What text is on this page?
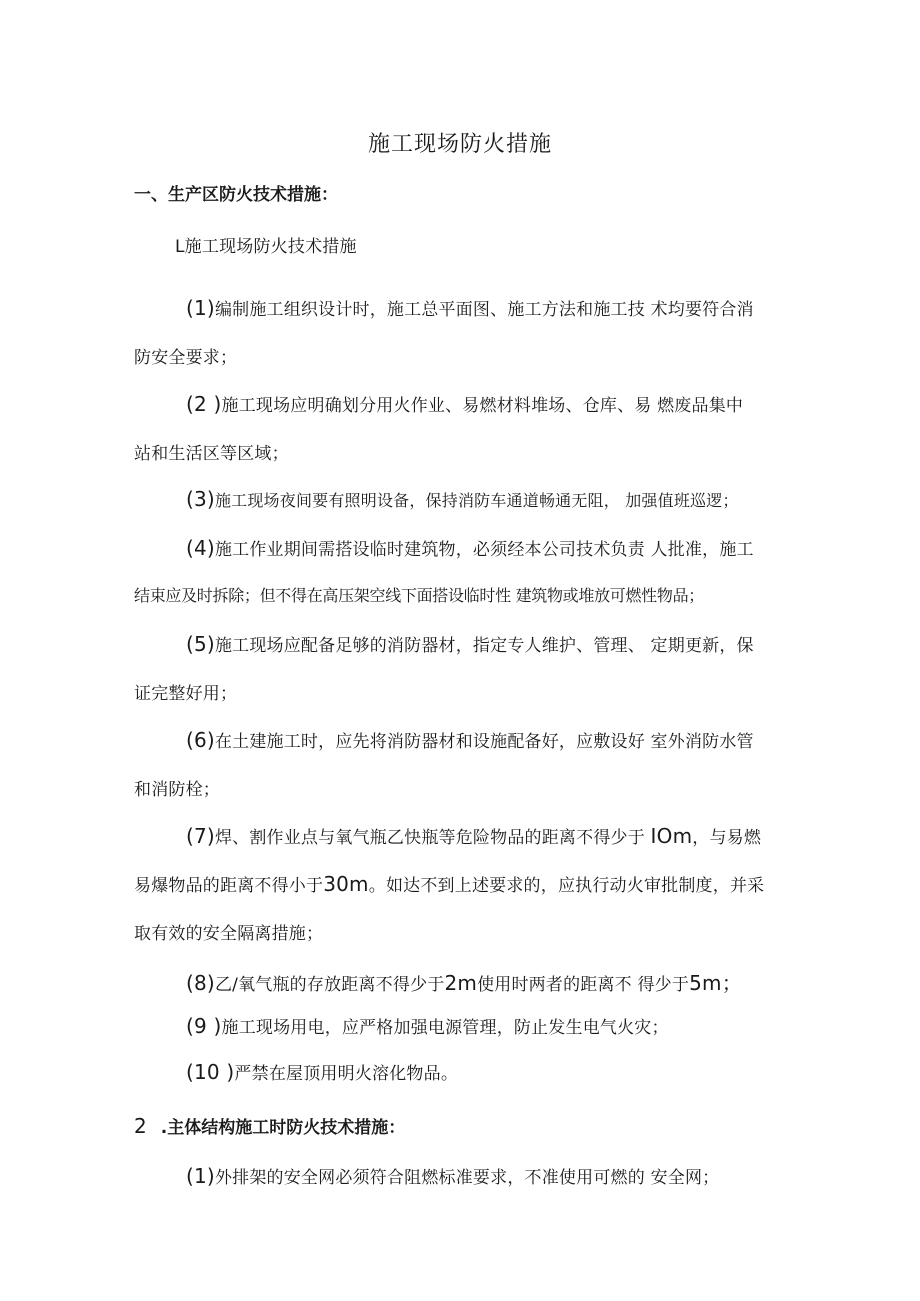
施工现场防火措施
一、生产区防火技术措施：
L施工现场防火技术措施
(1)编制施工组织设计时，施工总平面图、施工方法和施工技 术均要符合消
防安全要求；
(2 )施工现场应明确划分用火作业、易燃材料堆场、仓库、易 燃废品集中
站和生活区等区域；
(3)施工现场夜间要有照明设备，保持消防车通道畅通无阻， 加强值班巡逻；
(4)施工作业期间需搭设临时建筑物，必须经本公司技术负责 人批准，施工
结束应及时拆除；但不得在高压架空线下面搭设临时性 建筑物或堆放可燃性物品；
(5)施工现场应配备足够的消防器材，指定专人维护、管理、 定期更新，保
证完整好用；
(6)在土建施工时，应先将消防器材和设施配备好，应敷设好 室外消防水管
和消防栓；
(7)焊、割作业点与氧气瓶乙快瓶等危险物品的距离不得少于 IOm，与易燃
易爆物品的距离不得小于30m。如达不到上述要求的，应执行动火审批制度，并采
取有效的安全隔离措施；
(8)乙/氧气瓶的存放距离不得少于2m使用时两者的距离不 得少于5m；
(9 )施工现场用电，应严格加强电源管理，防止发生电气火灾；
(10 )严禁在屋顶用明火溶化物品。
2 .主体结构施工时防火技术措施：
(1)外排架的安全网必须符合阻燃标准要求，不准使用可燃的 安全网；
